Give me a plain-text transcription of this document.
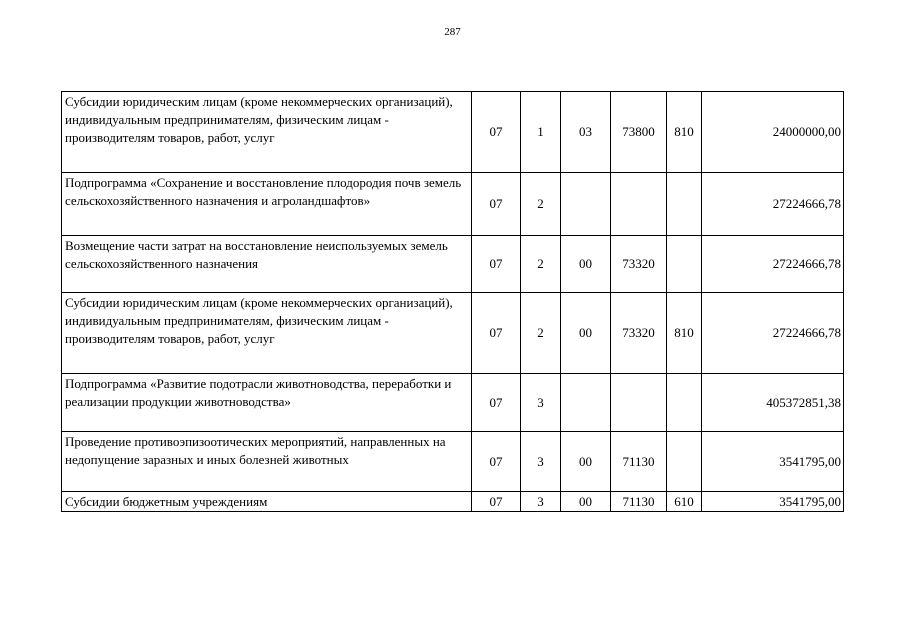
287
Субсидии юридическим лицам (кроме некоммерческих организаций), индивидуальным предпринимателям, физическим лицам - производителям товаров, работ, услуг	07	1	03	73800	810	24000000,00
Подпрограмма «Сохранение и восстановление плодородия почв земель сельскохозяйственного назначения и агроландшафтов»	07	2				27224666,78
Возмещение части затрат на восстановление неиспользуемых земель сельскохозяйственного назначения	07	2	00	73320		27224666,78
Субсидии юридическим лицам (кроме некоммерческих организаций), индивидуальным предпринимателям, физическим лицам - производителям товаров, работ, услуг	07	2	00	73320	810	27224666,78
Подпрограмма «Развитие подотрасли животноводства, переработки и реализации продукции животноводства»	07	3				405372851,38
Проведение противоэпизоотических мероприятий, направленных на недопущение заразных и иных болезней животных	07	3	00	71130		3541795,00
Субсидии бюджетным учреждениям	07	3	00	71130	610	3541795,00
